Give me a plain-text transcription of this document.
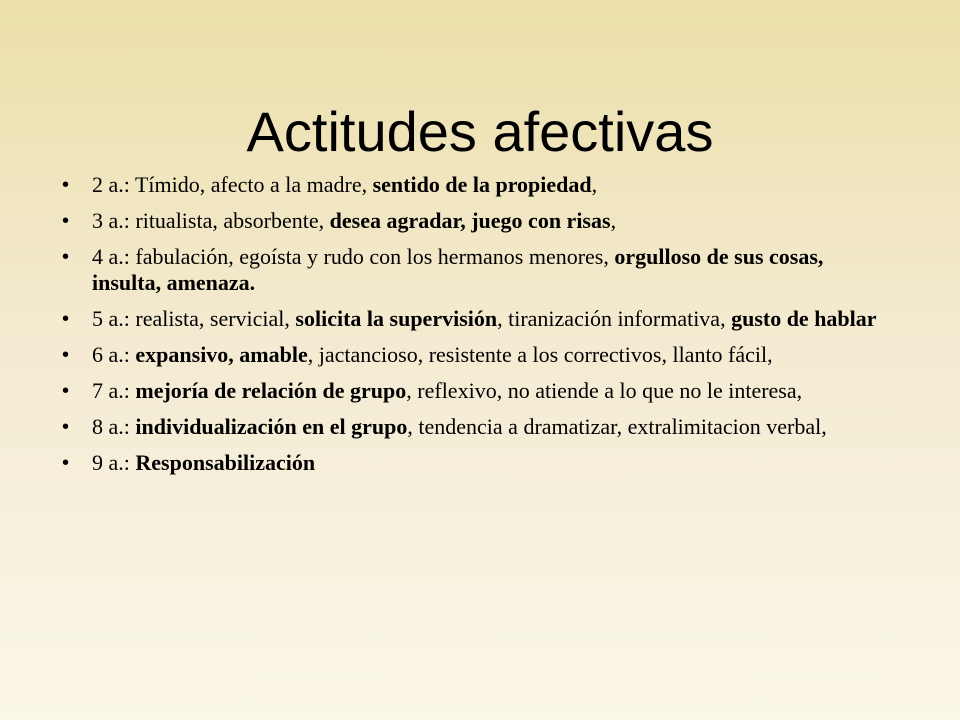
Actitudes afectivas
• 2 a.: Tímido, afecto a la madre, sentido de la propiedad,
• 3 a.: ritualista, absorbente, desea agradar, juego con risas,
• 4 a.: fabulación, egoísta y rudo con los hermanos menores, orgulloso de sus cosas, insulta, amenaza.
• 5 a.: realista, servicial, solicita la supervisión, tiranización informativa, gusto de hablar
• 6 a.: expansivo, amable, jactancioso, resistente a los correctivos, llanto fácil,
• 7 a.: mejoría de relación de grupo, reflexivo, no atiende a lo que no le interesa,
• 8 a.: individualización en el grupo, tendencia a dramatizar, extralimitacion verbal,
• 9 a.: Responsabilización
